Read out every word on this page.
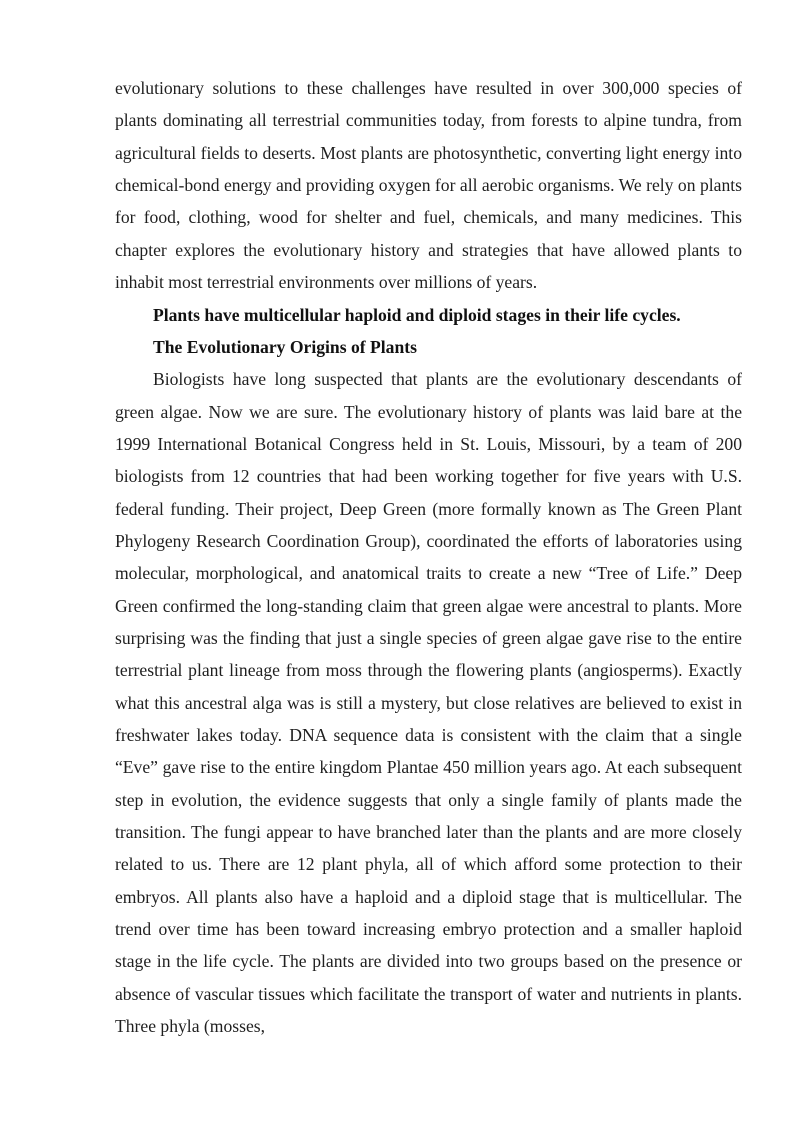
evolutionary solutions to these challenges have resulted in over 300,000 species of plants dominating all terrestrial communities today, from forests to alpine tundra, from agricultural fields to deserts. Most plants are photosynthetic, converting light energy into chemical-bond energy and providing oxygen for all aerobic organisms. We rely on plants for food, clothing, wood for shelter and fuel, chemicals, and many medicines. This chapter explores the evolutionary history and strategies that have allowed plants to inhabit most terrestrial environments over millions of years.

Plants have multicellular haploid and diploid stages in their life cycles.

The Evolutionary Origins of Plants

Biologists have long suspected that plants are the evolutionary descendants of green algae. Now we are sure. The evolutionary history of plants was laid bare at the 1999 International Botanical Congress held in St. Louis, Missouri, by a team of 200 biologists from 12 countries that had been working together for five years with U.S. federal funding. Their project, Deep Green (more formally known as The Green Plant Phylogeny Research Coordination Group), coordinated the efforts of laboratories using molecular, morphological, and anatomical traits to create a new “Tree of Life.” Deep Green confirmed the long-standing claim that green algae were ancestral to plants. More surprising was the finding that just a single species of green algae gave rise to the entire terrestrial plant lineage from moss through the flowering plants (angiosperms). Exactly what this ancestral alga was is still a mystery, but close relatives are believed to exist in freshwater lakes today. DNA sequence data is consistent with the claim that a single “Eve” gave rise to the entire kingdom Plantae 450 million years ago. At each subsequent step in evolution, the evidence suggests that only a single family of plants made the transition. The fungi appear to have branched later than the plants and are more closely related to us. There are 12 plant phyla, all of which afford some protection to their embryos. All plants also have a haploid and a diploid stage that is multicellular. The trend over time has been toward increasing embryo protection and a smaller haploid stage in the life cycle. The plants are divided into two groups based on the presence or absence of vascular tissues which facilitate the transport of water and nutrients in plants. Three phyla (mosses,
